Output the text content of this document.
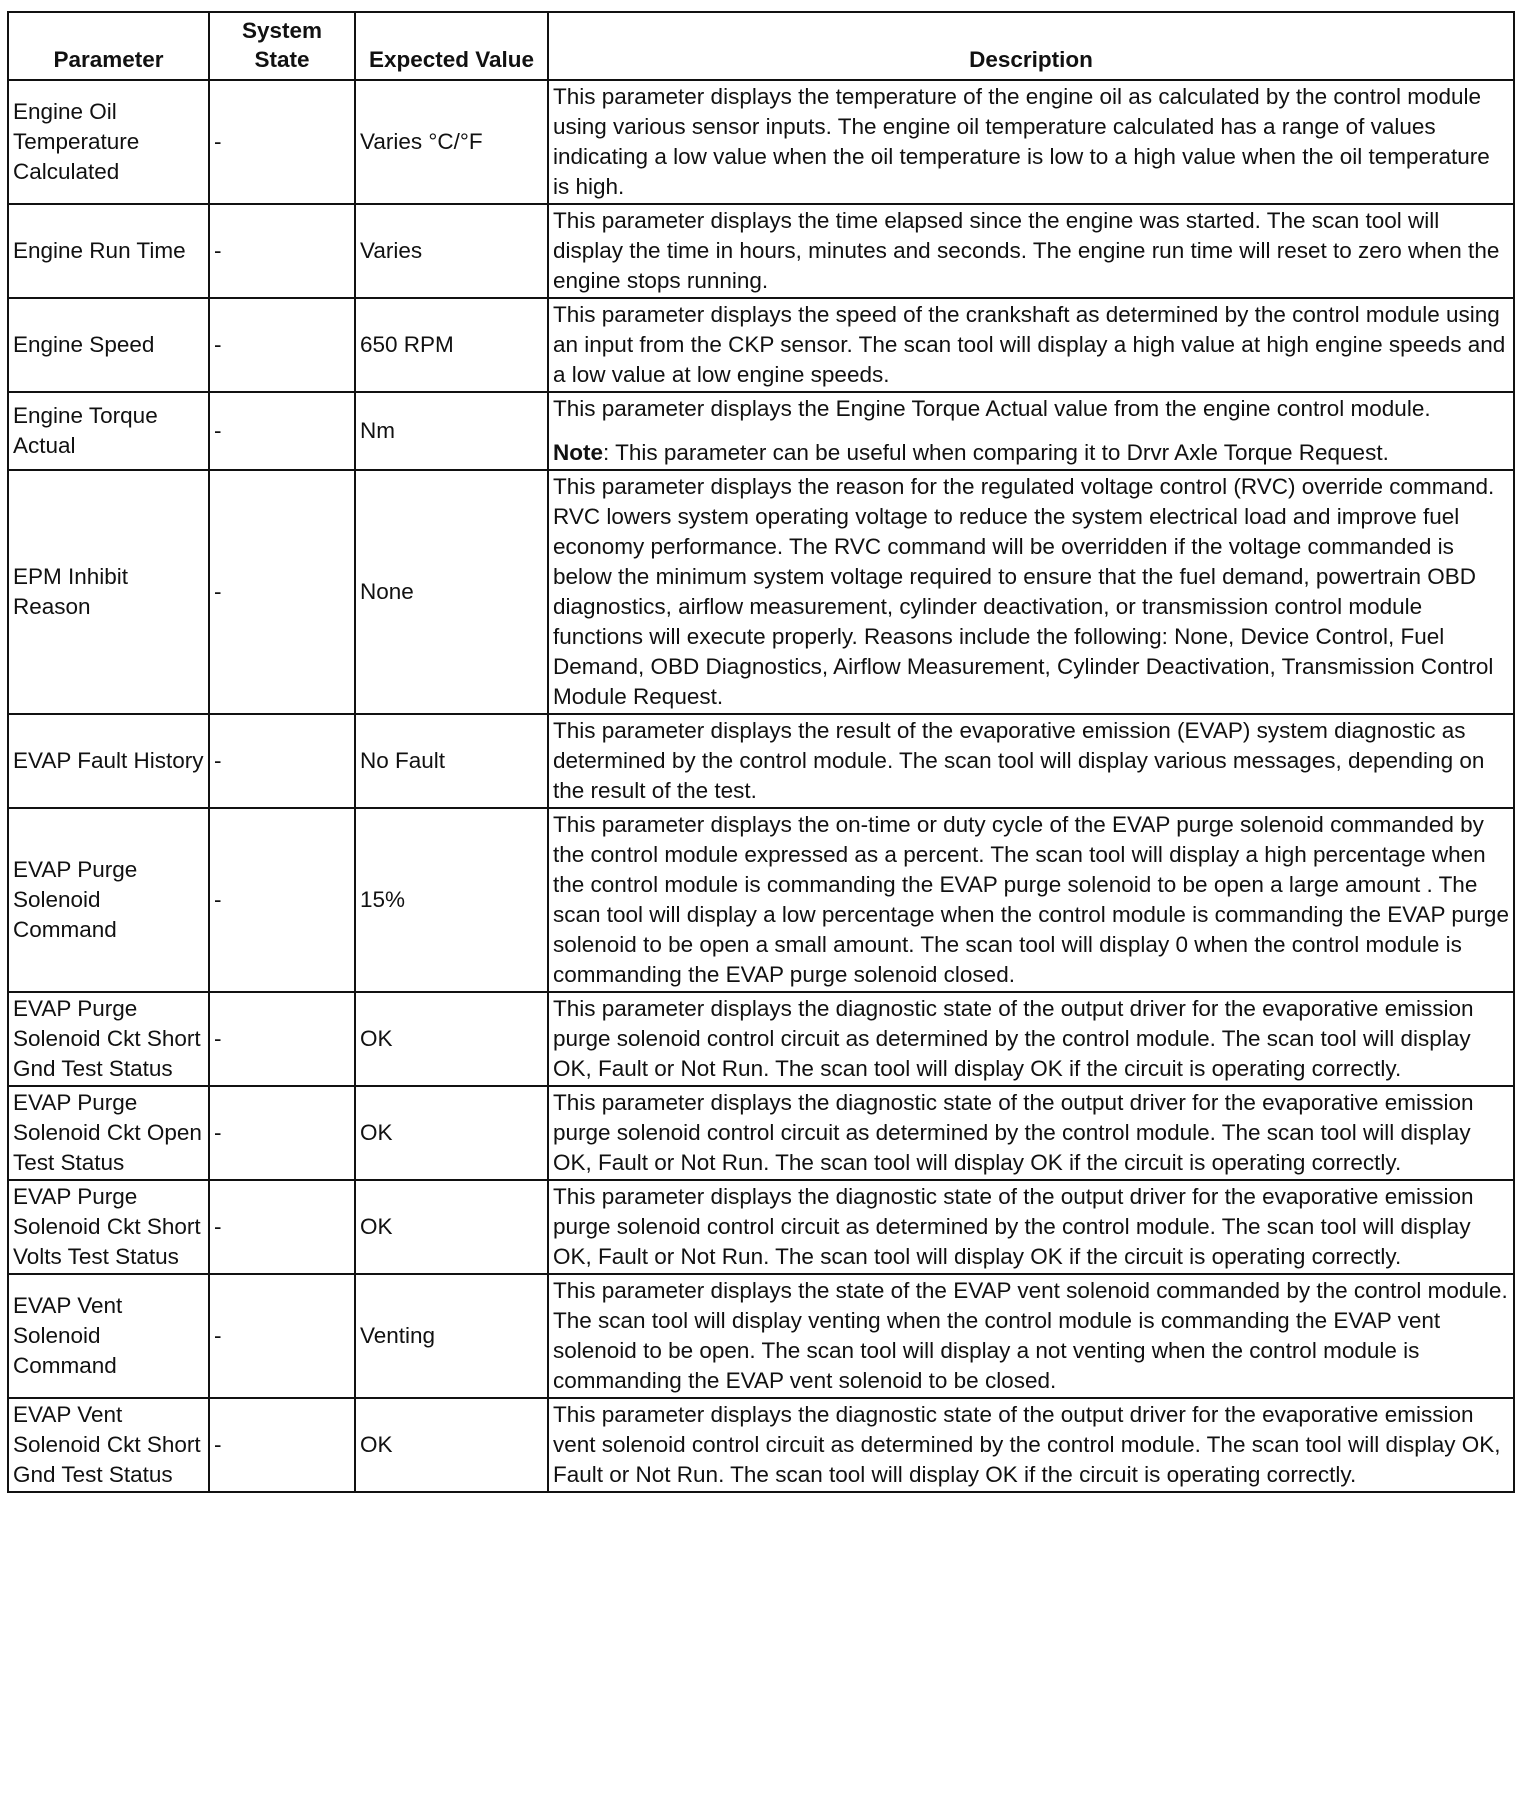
Parameter	System State	Expected Value	Description
Engine Oil Temperature Calculated	-	Varies °C/°F	This parameter displays the temperature of the engine oil as calculated by the control module using various sensor inputs. The engine oil temperature calculated has a range of values indicating a low value when the oil temperature is low to a high value when the oil temperature is high.

Engine Run Time	-	Varies	This parameter displays the time elapsed since the engine was started. The scan tool will display the time in hours, minutes and seconds. The engine run time will reset to zero when the engine stops running.

Engine Speed	-	650 RPM	This parameter displays the speed of the crankshaft as determined by the control module using an input from the CKP sensor. The scan tool will display a high value at high engine speeds and a low value at low engine speeds.

Engine Torque Actual	-	Nm	This parameter displays the Engine Torque Actual value from the engine control module.
Note: This parameter can be useful when comparing it to Drvr Axle Torque Request.

EPM Inhibit Reason	-	None	This parameter displays the reason for the regulated voltage control (RVC) override command. RVC lowers system operating voltage to reduce the system electrical load and improve fuel economy performance. The RVC command will be overridden if the voltage commanded is below the minimum system voltage required to ensure that the fuel demand, powertrain OBD diagnostics, airflow measurement, cylinder deactivation, or transmission control module functions will execute properly. Reasons include the following: None, Device Control, Fuel Demand, OBD Diagnostics, Airflow Measurement, Cylinder Deactivation, Transmission Control Module Request.

EVAP Fault History	-	No Fault	This parameter displays the result of the evaporative emission (EVAP) system diagnostic as determined by the control module. The scan tool will display various messages, depending on the result of the test.

EVAP Purge Solenoid Command	-	15%	This parameter displays the on-time or duty cycle of the EVAP purge solenoid commanded by the control module expressed as a percent. The scan tool will display a high percentage when the control module is commanding the EVAP purge solenoid to be open a large amount . The scan tool will display a low percentage when the control module is commanding the EVAP purge solenoid to be open a small amount. The scan tool will display 0 when the control module is commanding the EVAP purge solenoid closed.

EVAP Purge Solenoid Ckt Short Gnd Test Status	-	OK	This parameter displays the diagnostic state of the output driver for the evaporative emission purge solenoid control circuit as determined by the control module. The scan tool will display OK, Fault or Not Run. The scan tool will display OK if the circuit is operating correctly.

EVAP Purge Solenoid Ckt Open Test Status	-	OK	This parameter displays the diagnostic state of the output driver for the evaporative emission purge solenoid control circuit as determined by the control module. The scan tool will display OK, Fault or Not Run. The scan tool will display OK if the circuit is operating correctly.

EVAP Purge Solenoid Ckt Short Volts Test Status	-	OK	This parameter displays the diagnostic state of the output driver for the evaporative emission purge solenoid control circuit as determined by the control module. The scan tool will display OK, Fault or Not Run. The scan tool will display OK if the circuit is operating correctly.

EVAP Vent Solenoid Command	-	Venting	This parameter displays the state of the EVAP vent solenoid commanded by the control module. The scan tool will display venting when the control module is commanding the EVAP vent solenoid to be open. The scan tool will display a not venting when the control module is commanding the EVAP vent solenoid to be closed.

EVAP Vent Solenoid Ckt Short Gnd Test Status	-	OK	This parameter displays the diagnostic state of the output driver for the evaporative emission vent solenoid control circuit as determined by the control module. The scan tool will display OK, Fault or Not Run. The scan tool will display OK if the circuit is operating correctly.
